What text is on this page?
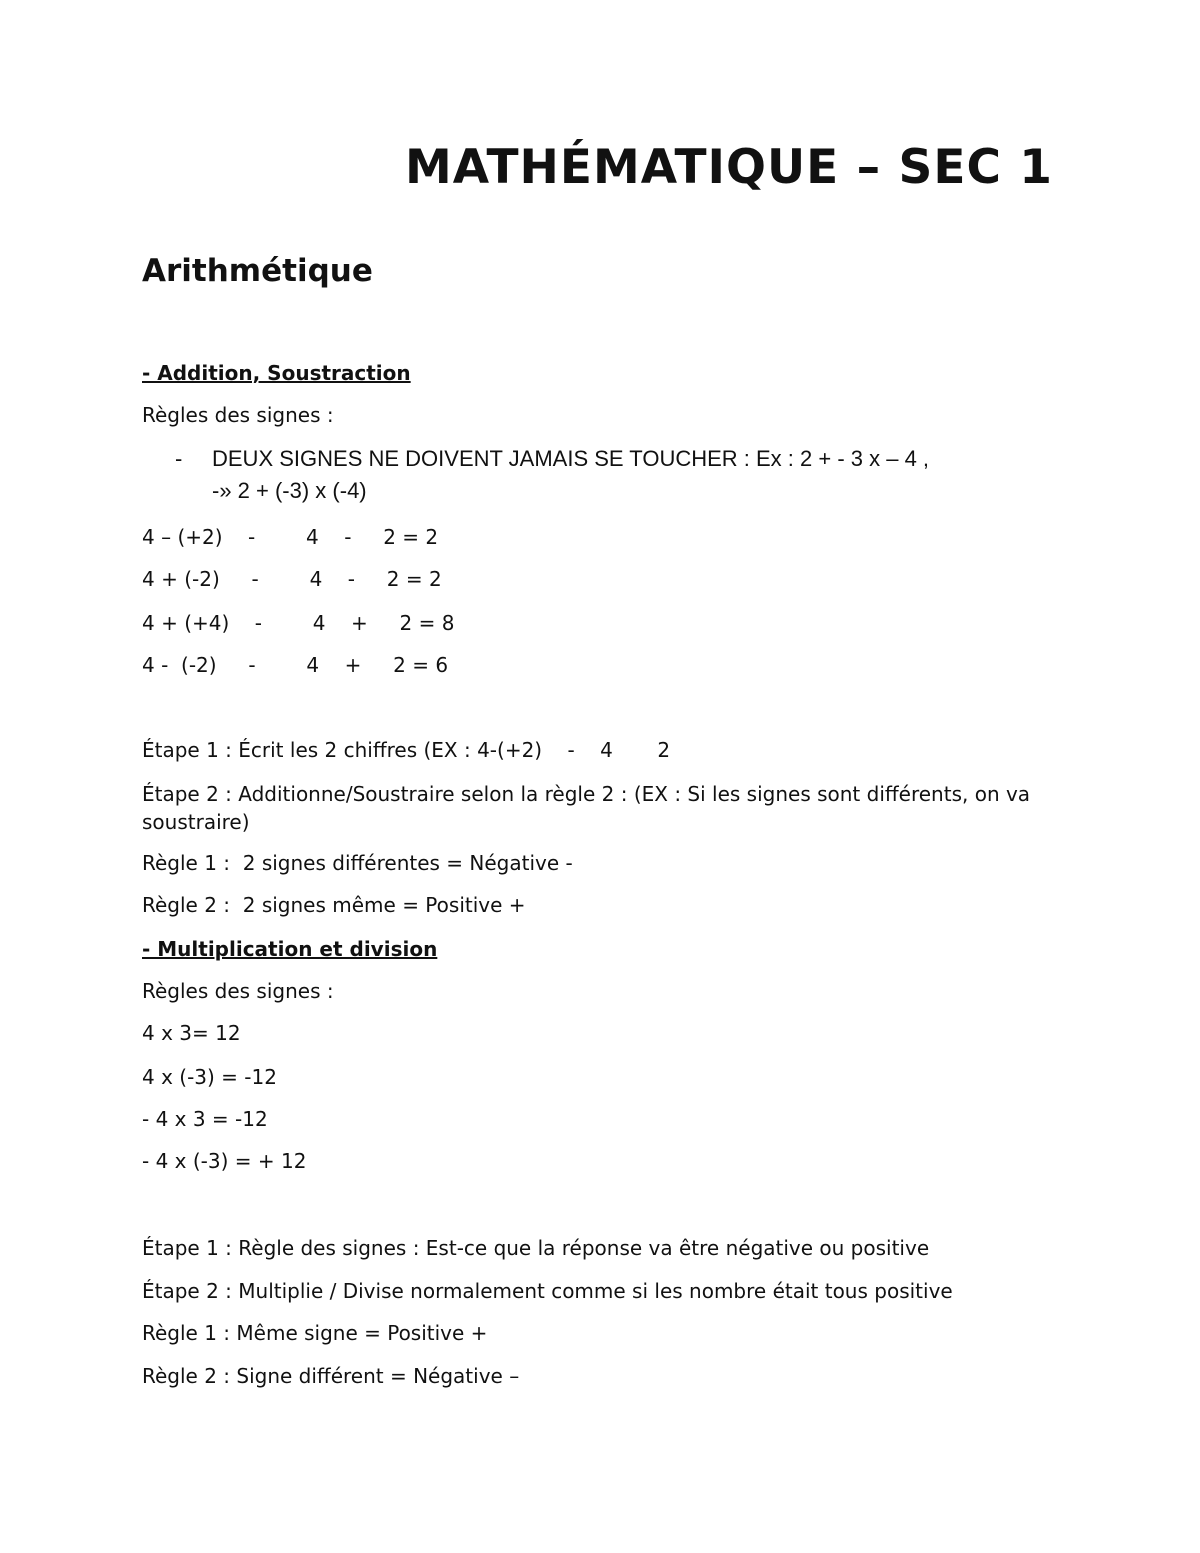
MATHÉMATIQUE – SEC 1
Arithmétique
- Addition, Soustraction
Règles des signes :
- DEUX SIGNES NE DOIVENT JAMAIS SE TOUCHER : Ex : 2 + - 3 x – 4 ,
-» 2 + (-3) x (-4)
4 – (+2)    -        4    -     2 = 2
4 + (-2)     -        4    -     2 = 2
4 + (+4)    -        4    +     2 = 8
4 -  (-2)     -        4    +     2 = 6
Étape 1 : Écrit les 2 chiffres (EX : 4-(+2)    -    4       2
Étape 2 : Additionne/Soustraire selon la règle 2 : (EX : Si les signes sont différents, on va soustraire)
Règle 1 :  2 signes différentes = Négative -
Règle 2 :  2 signes même = Positive +
- Multiplication et division
Règles des signes :
4 x 3= 12
4 x (-3) = -12
- 4 x 3 = -12
- 4 x (-3) = + 12
Étape 1 : Règle des signes : Est-ce que la réponse va être négative ou positive
Étape 2 : Multiplie / Divise normalement comme si les nombre était tous positive
Règle 1 : Même signe = Positive +
Règle 2 : Signe différent = Négative –
